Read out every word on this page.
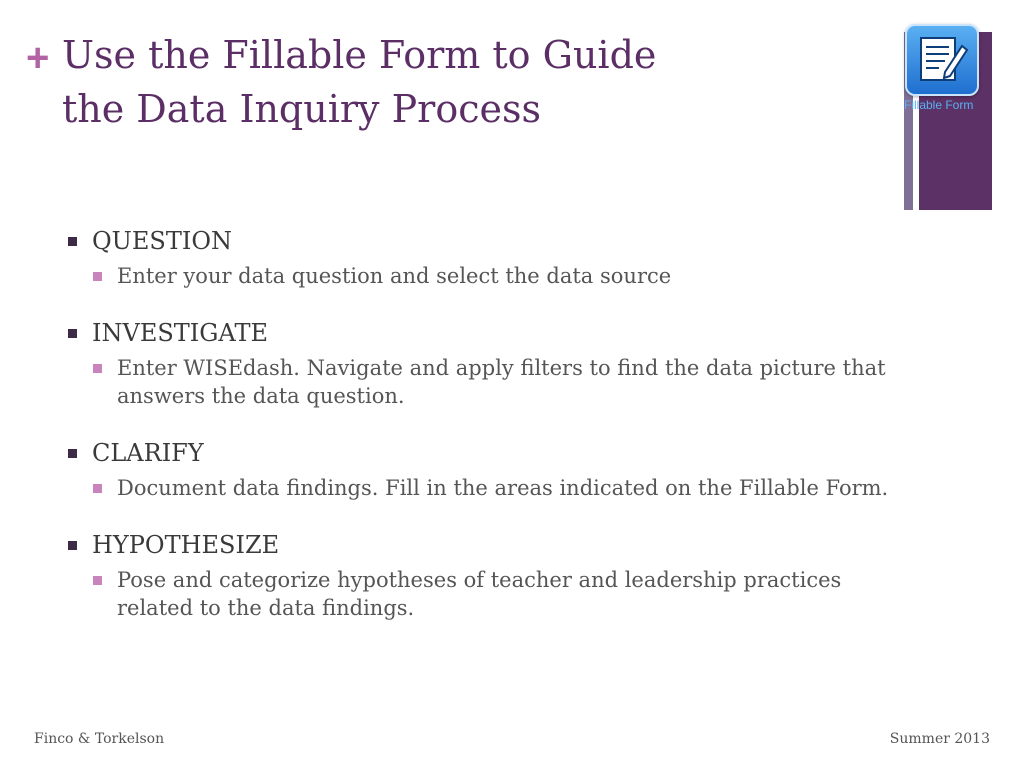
+ Use the Fillable Form to Guide
the Data Inquiry Process	Fillable Form
QUESTION
Enter your data question and select the data source
INVESTIGATE
Enter WISEdash. Navigate and apply filters to find the data picture that answers the data question.
CLARIFY
Document data findings. Fill in the areas indicated on the Fillable Form.
HYPOTHESIZE
Pose and categorize hypotheses of teacher and leadership practices related to the data findings.
Finco & Torkelson	Summer 2013
